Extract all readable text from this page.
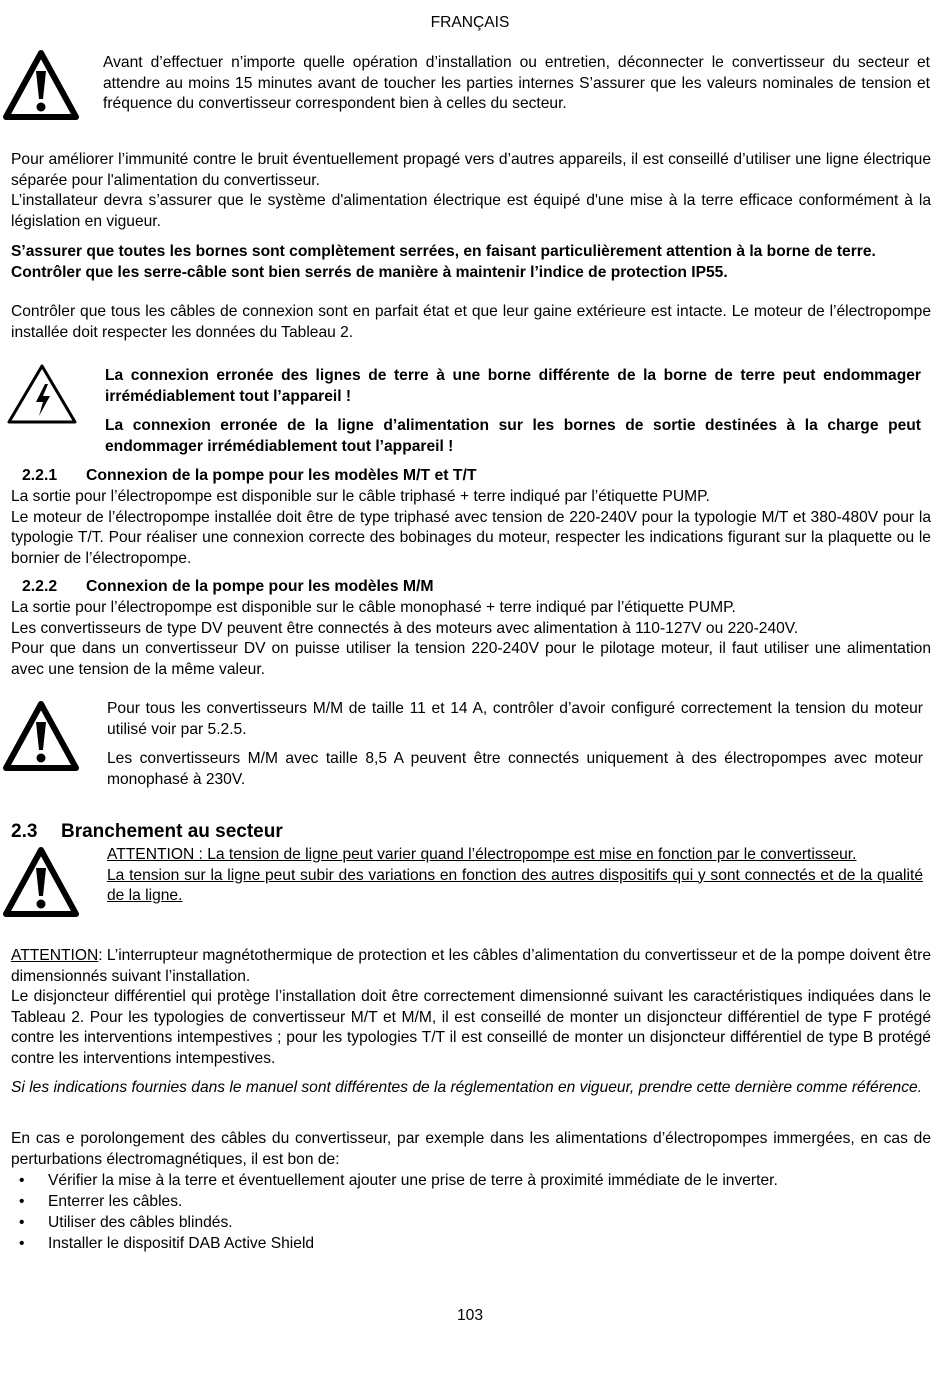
FRANÇAIS

Avant d’effectuer n’importe quelle opération d’installation ou entretien, déconnecter le convertisseur du secteur et attendre au moins 15 minutes avant de toucher les parties internes S’assurer que les valeurs nominales de tension et fréquence du convertisseur correspondent bien à celles du secteur.

Pour améliorer l’immunité contre le bruit éventuellement propagé vers d’autres appareils, il est conseillé d’utiliser une ligne électrique séparée pour l'alimentation du convertisseur.

L’installateur devra s’assurer que le système d'alimentation électrique est équipé d'une mise à la terre efficace conformément à la législation en vigueur.

S’assurer que toutes les bornes sont complètement serrées, en faisant particulièrement attention à la borne de terre.

Contrôler que les serre-câble sont bien serrés de manière à maintenir l’indice de protection IP55.

Contrôler que tous les câbles de connexion sont en parfait état et que leur gaine extérieure est intacte. Le moteur de l’électropompe installée doit respecter les données du Tableau 2.

La connexion erronée des lignes de terre à une borne différente de la borne de terre peut endommager irrémédiablement tout l’appareil !

La connexion erronée de la ligne d’alimentation sur les bornes de sortie destinées à la charge peut endommager irrémédiablement tout l’appareil !

2.2.1 Connexion de la pompe pour les modèles M/T et T/T

La sortie pour l’électropompe est disponible sur le câble triphasé + terre indiqué par l’étiquette PUMP.

Le moteur de l’électropompe installée doit être de type triphasé avec tension de 220-240V pour la typologie M/T et 380-480V pour la typologie T/T. Pour réaliser une connexion correcte des bobinages du moteur, respecter les indications figurant sur la plaquette ou le bornier de l’électropompe.

2.2.2 Connexion de la pompe pour les modèles M/M

La sortie pour l’électropompe est disponible sur le câble monophasé + terre indiqué par l’étiquette PUMP.

Les convertisseurs de type DV peuvent être connectés à des moteurs avec alimentation à 110-127V ou 220-240V.

Pour que dans un convertisseur DV on puisse utiliser la tension 220-240V pour le pilotage moteur, il faut utiliser une alimentation avec une tension de la même valeur.

Pour tous les convertisseurs M/M de taille 11 et 14 A, contrôler d’avoir configuré correctement la tension du moteur utilisé voir par 5.2.5.

Les convertisseurs M/M avec taille 8,5 A peuvent être connectés uniquement à des électropompes avec moteur monophasé à 230V.

2.3 Branchement au secteur

ATTENTION : La tension de ligne peut varier quand l’électropompe est mise en fonction par le convertisseur.

La tension sur la ligne peut subir des variations en fonction des autres dispositifs qui y sont connectés et de la qualité de la ligne.

ATTENTION: L’interrupteur magnétothermique de protection et les câbles d’alimentation du convertisseur et de la pompe doivent être dimensionnés suivant l’installation.

Le disjoncteur différentiel qui protège l’installation doit être correctement dimensionné suivant les caractéristiques indiquées dans le Tableau 2. Pour les typologies de convertisseur M/T et M/M, il est conseillé de monter un disjoncteur différentiel de type F protégé contre les interventions intempestives ; pour les typologies T/T il est conseillé de monter un disjoncteur différentiel de type B protégé contre les interventions intempestives.

Si les indications fournies dans le manuel sont différentes de la réglementation en vigueur, prendre cette dernière comme référence.

En cas e porolongement des câbles du convertisseur, par exemple dans les alimentations d’électropompes immergées, en cas de perturbations électromagnétiques, il est bon de:

• Vérifier la mise à la terre et éventuellement ajouter une prise de terre à proximité immédiate de le inverter.
• Enterrer les câbles.
• Utiliser des câbles blindés.
• Installer le dispositif DAB Active Shield
103
